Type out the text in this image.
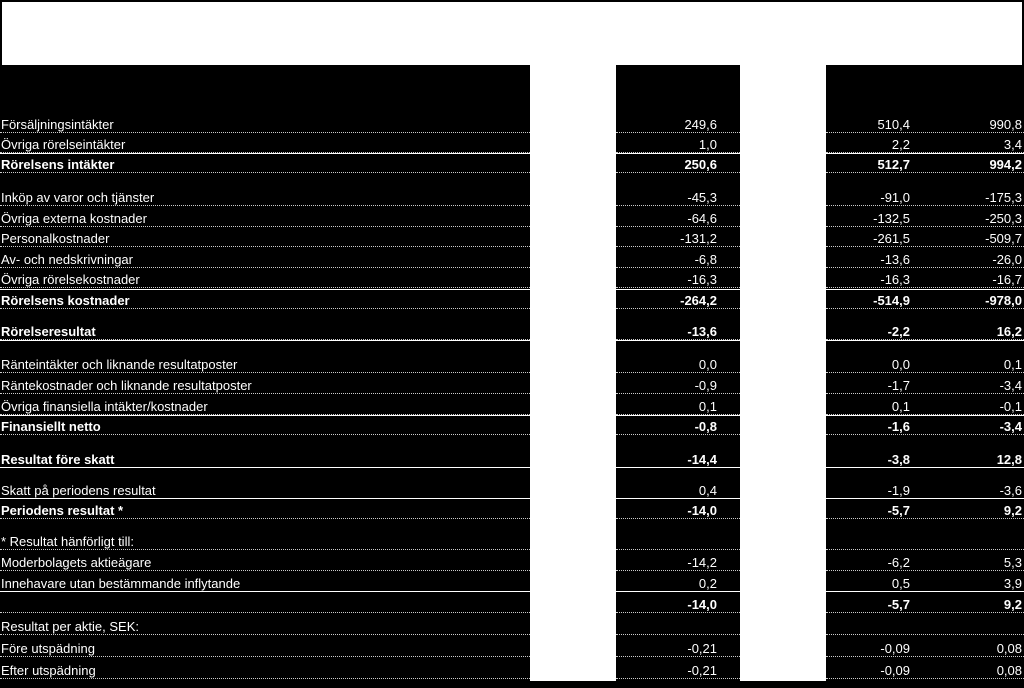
Försäljningsintäkter	249,6	510,4	990,8
Övriga rörelseintäkter	1,0	2,2	3,4
Rörelsens intäkter	250,6	512,7	994,2
Inköp av varor och tjänster	-45,3	-91,0	-175,3
Övriga externa kostnader	-64,6	-132,5	-250,3
Personalkostnader	-131,2	-261,5	-509,7
Av- och nedskrivningar	-6,8	-13,6	-26,0
Övriga rörelsekostnader	-16,3	-16,3	-16,7
Rörelsens kostnader	-264,2	-514,9	-978,0
Rörelseresultat	-13,6	-2,2	16,2
Ränteintäkter och liknande resultatposter	0,0	0,0	0,1
Räntekostnader och liknande resultatposter	-0,9	-1,7	-3,4
Övriga finansiella intäkter/kostnader	0,1	0,1	-0,1
Finansiellt netto	-0,8	-1,6	-3,4
Resultat före skatt	-14,4	-3,8	12,8
Skatt på periodens resultat	0,4	-1,9	-3,6
Periodens resultat *	-14,0	-5,7	9,2
* Resultat hänförligt till:
Moderbolagets aktieägare	-14,2	-6,2	5,3
Innehavare utan bestämmande inflytande	0,2	0,5	3,9
-14,0	-5,7	9,2
Resultat per aktie, SEK:
Före utspädning	-0,21	-0,09	0,08
Efter utspädning	-0,21	-0,09	0,08
